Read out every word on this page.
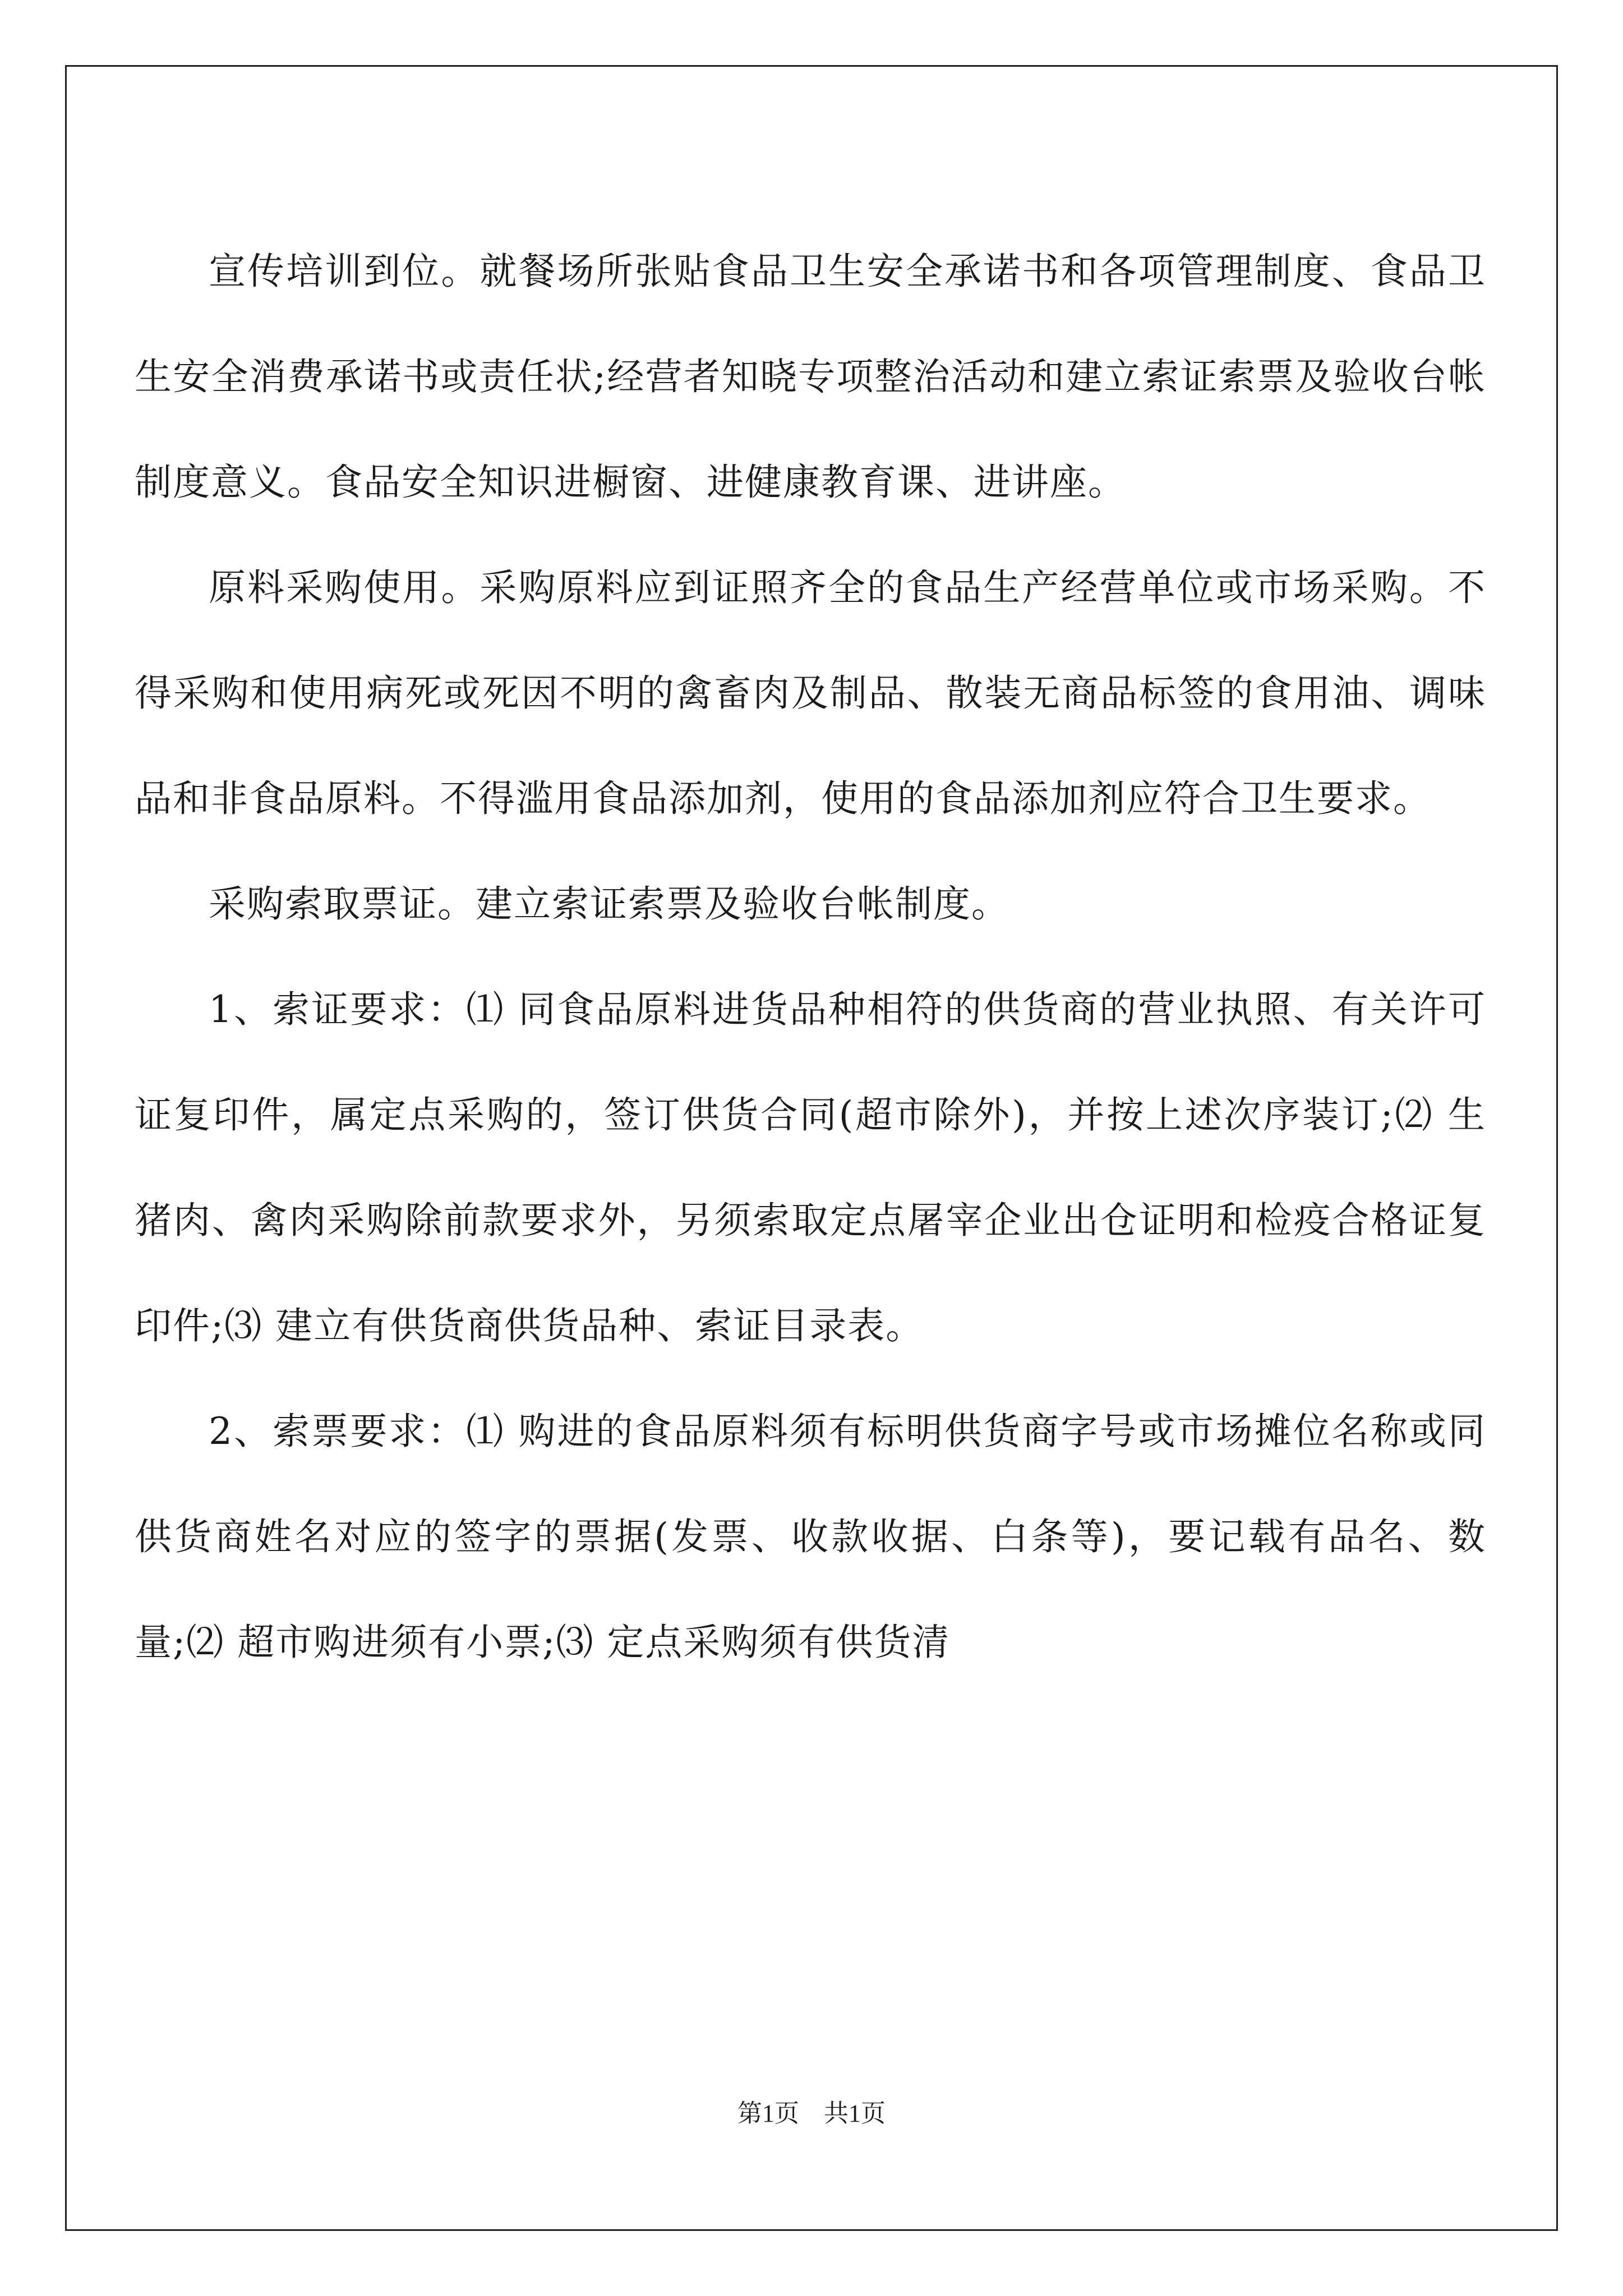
宣传培训到位。就餐场所张贴食品卫生安全承诺书和各项管理制度、食品卫生安全消费承诺书或责任状;经营者知晓专项整治活动和建立索证索票及验收台帐制度意义。食品安全知识进橱窗、进健康教育课、进讲座。

原料采购使用。采购原料应到证照齐全的食品生产经营单位或市场采购。不得采购和使用病死或死因不明的禽畜肉及制品、散装无商品标签的食用油、调味品和非食品原料。不得滥用食品添加剂，使用的食品添加剂应符合卫生要求。

采购索取票证。建立索证索票及验收台帐制度。

1、索证要求：⑴ 同食品原料进货品种相符的供货商的营业执照、有关许可证复印件，属定点采购的，签订供货合同(超市除外)，并按上述次序装订;⑵ 生猪肉、禽肉采购除前款要求外，另须索取定点屠宰企业出仓证明和检疫合格证复印件;⑶ 建立有供货商供货品种、索证目录表。

2、索票要求：⑴ 购进的食品原料须有标明供货商字号或市场摊位名称或同供货商姓名对应的签字的票据(发票、收款收据、白条等)，要记载有品名、数量;⑵ 超市购进须有小票;⑶ 定点采购须有供货清

第1页 共1页
